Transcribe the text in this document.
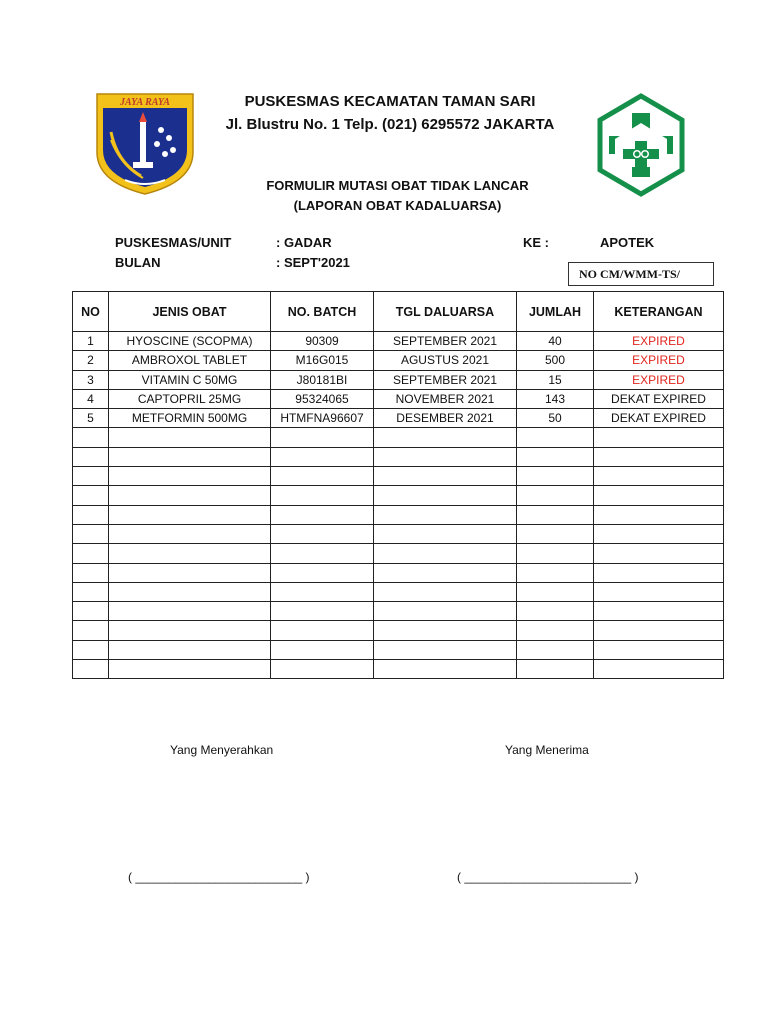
JAYA RAYA	PUSKESMAS KECAMATAN TAMAN SARI
Jl. Blustru No. 1 Telp. (021) 6295572 JAKARTA
FORMULIR MUTASI OBAT TIDAK LANCAR
(LAPORAN OBAT KADALUARSA)
PUSKESMAS/UNIT	: GADAR
BULAN	: SEPT'2021
KE :	APOTEK
NO CM/WMM-TS/
NO	JENIS OBAT	NO. BATCH	TGL DALUARSA	JUMLAH	KETERANGAN
1	HYOSCINE (SCOPMA)	90309	SEPTEMBER 2021	40	EXPIRED
2	AMBROXOL TABLET	M16G015	AGUSTUS 2021	500	EXPIRED
3	VITAMIN C 50MG	J80181BI	SEPTEMBER 2021	15	EXPIRED
4	CAPTOPRIL 25MG	95324065	NOVEMBER 2021	143	DEKAT EXPIRED
5	METFORMIN 500MG	HTMFNA96607	DESEMBER 2021	50	DEKAT EXPIRED

Yang Menyerahkan	Yang Menerima
( _________________________ )	( _________________________ )
